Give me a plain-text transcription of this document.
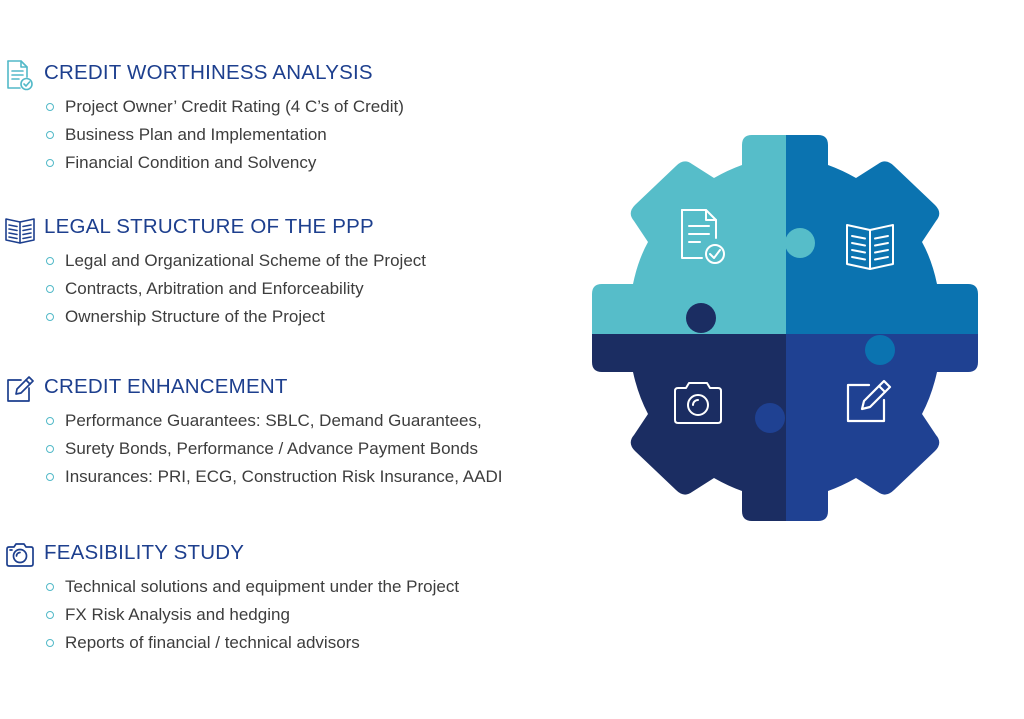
CREDIT WORTHINESS ANALYSIS
Project Owner’ Credit Rating (4 C’s of Credit)
Business Plan and Implementation
Financial Condition and Solvency
LEGAL STRUCTURE OF THE PPP
Legal and Organizational Scheme of the Project
Contracts, Arbitration and Enforceability
Ownership Structure of the Project
CREDIT ENHANCEMENT
Performance Guarantees: SBLC, Demand Guarantees,
Surety Bonds, Performance / Advance Payment Bonds
Insurances: PRI, ECG, Construction Risk Insurance, AADI
FEASIBILITY STUDY
Technical solutions and equipment under the Project
FX Risk Analysis and hedging
Reports of financial / technical advisors
